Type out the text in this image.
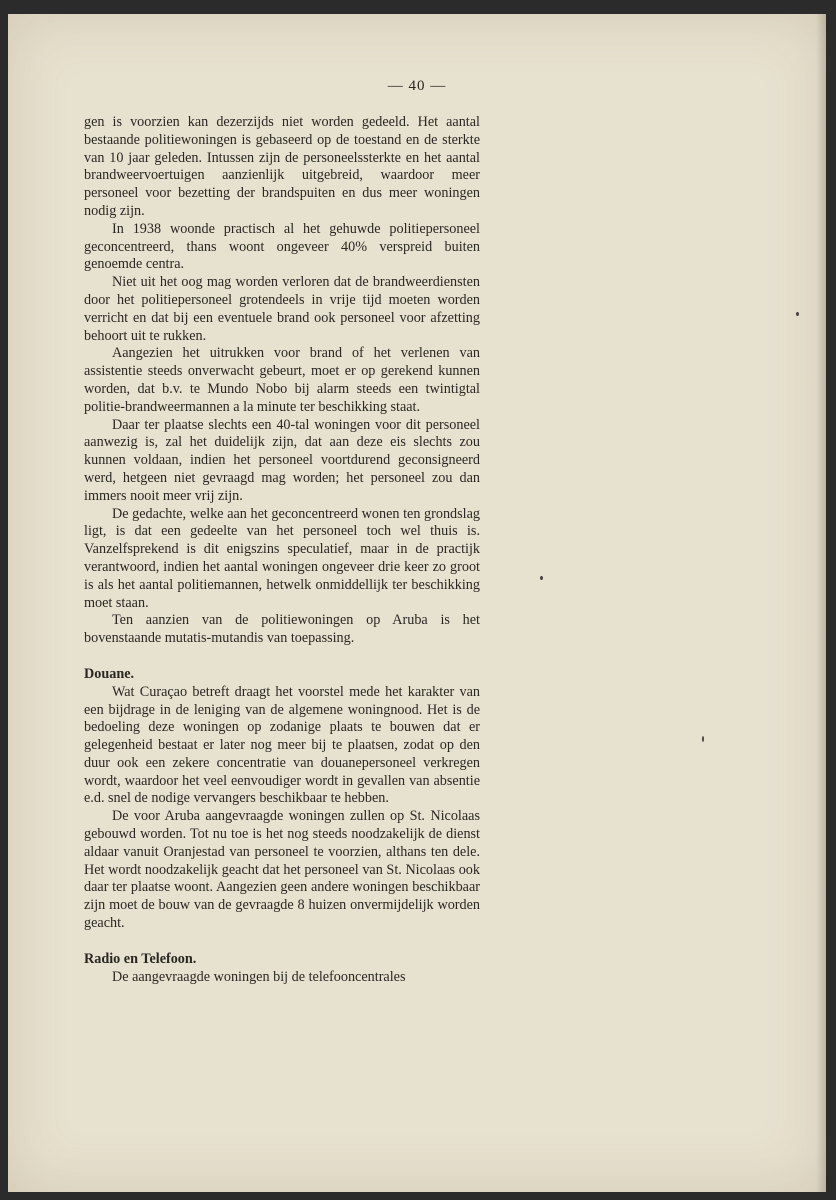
— 40 —

gen is voorzien kan dezerzijds niet worden gedeeld. Het aantal bestaande politiewoningen is gebaseerd op de toestand en de sterkte van 10 jaar geleden. Intussen zijn de personeelssterkte en het aantal brandweervoertuigen aanzienlijk uitgebreid, waardoor meer personeel voor bezetting der brandspuiten en dus meer woningen nodig zijn.

In 1938 woonde practisch al het gehuwde politiepersoneel geconcentreerd, thans woont ongeveer 40% verspreid buiten genoemde centra.

Niet uit het oog mag worden verloren dat de brandweerdiensten door het politiepersoneel grotendeels in vrije tijd moeten worden verricht en dat bij een eventuele brand ook personeel voor afzetting behoort uit te rukken.

Aangezien het uitrukken voor brand of het verlenen van assistentie steeds onverwacht gebeurt, moet er op gerekend kunnen worden, dat b.v. te Mundo Nobo bij alarm steeds een twintigtal politie-brandweermannen a la minute ter beschikking staat.

Daar ter plaatse slechts een 40-tal woningen voor dit personeel aanwezig is, zal het duidelijk zijn, dat aan deze eis slechts zou kunnen voldaan, indien het personeel voortdurend geconsigneerd werd, hetgeen niet gevraagd mag worden; het personeel zou dan immers nooit meer vrij zijn.

De gedachte, welke aan het geconcentreerd wonen ten grondslag ligt, is dat een gedeelte van het personeel toch wel thuis is. Vanzelfsprekend is dit enigszins speculatief, maar in de practijk verantwoord, indien het aantal woningen ongeveer drie keer zo groot is als het aantal politiemannen, hetwelk onmiddellijk ter beschikking moet staan.

Ten aanzien van de politiewoningen op Aruba is het bovenstaande mutatis-mutandis van toepassing.

Douane.

Wat Curaçao betreft draagt het voorstel mede het karakter van een bijdrage in de leniging van de algemene woningnood. Het is de bedoeling deze woningen op zodanige plaats te bouwen dat er gelegenheid bestaat er later nog meer bij te plaatsen, zodat op den duur ook een zekere concentratie van douanepersoneel verkregen wordt, waardoor het veel eenvoudiger wordt in gevallen van absentie e.d. snel de nodige vervangers beschikbaar te hebben.

De voor Aruba aangevraagde woningen zullen op St. Nicolaas gebouwd worden. Tot nu toe is het nog steeds noodzakelijk de dienst aldaar vanuit Oranjestad van personeel te voorzien, althans ten dele. Het wordt noodzakelijk geacht dat het personeel van St. Nicolaas ook daar ter plaatse woont. Aangezien geen andere woningen beschikbaar zijn moet de bouw van de gevraagde 8 huizen onvermijdelijk worden geacht.

Radio en Telefoon.

De aangevraagde woningen bij de telefooncentrales
